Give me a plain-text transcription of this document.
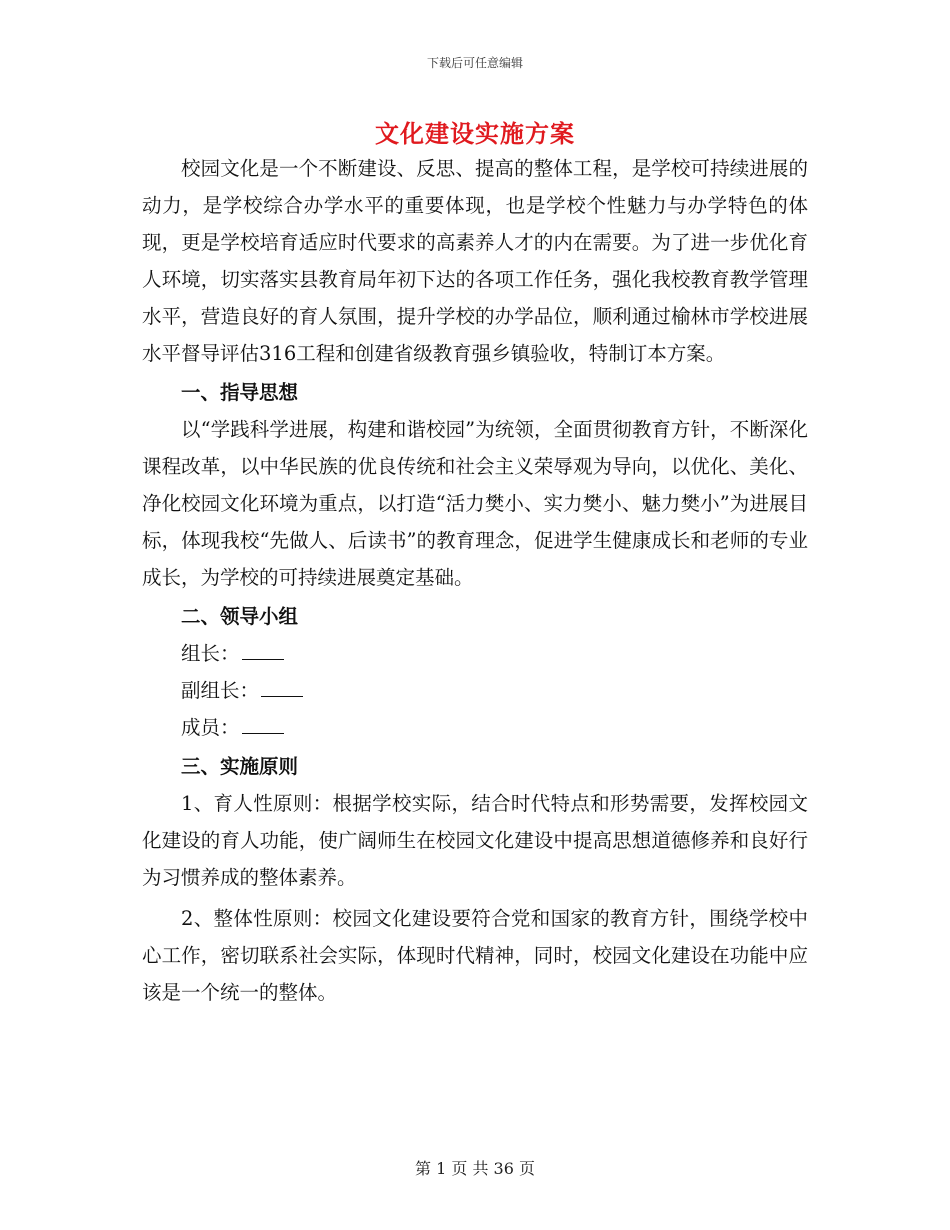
下载后可任意编辑
文化建设实施方案

校园文化是一个不断建设、反思、提高的整体工程，是学校可持续进展的动力，是学校综合办学水平的重要体现，也是学校个性魅力与办学特色的体现，更是学校培育适应时代要求的高素养人才的内在需要。为了进一步优化育人环境，切实落实县教育局年初下达的各项工作任务，强化我校教育教学管理水平，营造良好的育人氛围，提升学校的办学品位，顺利通过榆林市学校进展水平督导评估316工程和创建省级教育强乡镇验收，特制订本方案。

一、指导思想

以“学践科学进展，构建和谐校园”为统领，全面贯彻教育方针，不断深化课程改革，以中华民族的优良传统和社会主义荣辱观为导向，以优化、美化、净化校园文化环境为重点，以打造“活力樊小、实力樊小、魅力樊小”为进展目标，体现我校“先做人、后读书”的教育理念，促进学生健康成长和老师的专业成长，为学校的可持续进展奠定基础。

二、领导小组

组长：

副组长：

成员：

三、实施原则

1、育人性原则：根据学校实际，结合时代特点和形势需要，发挥校园文化建设的育人功能，使广阔师生在校园文化建设中提高思想道德修养和良好行为习惯养成的整体素养。

2、整体性原则：校园文化建设要符合党和国家的教育方针，围绕学校中心工作，密切联系社会实际，体现时代精神，同时，校园文化建设在功能中应该是一个统一的整体。

第 1 页 共 36 页
